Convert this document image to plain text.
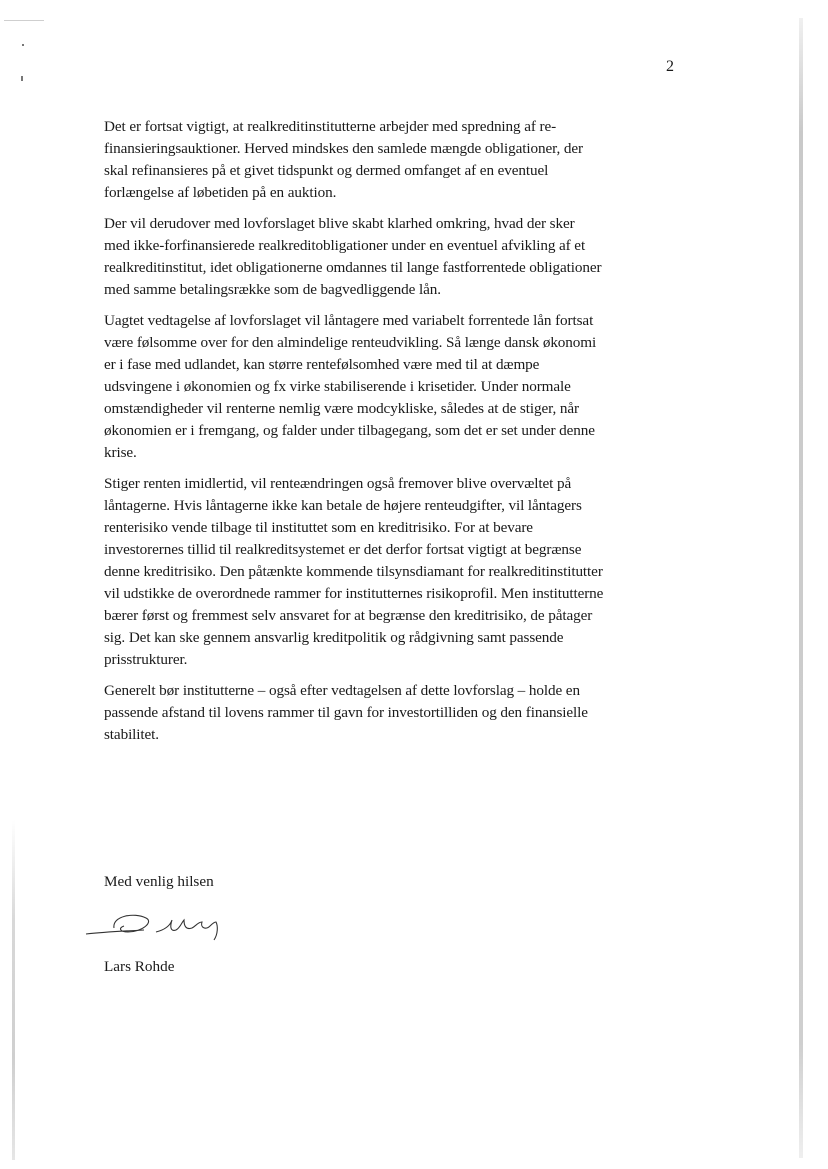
2

Det er fortsat vigtigt, at realkreditinstitutterne arbejder med spredning af refinansieringsauktioner. Herved mindskes den samlede mængde obligationer, der skal refinansieres på et givet tidspunkt og dermed omfanget af en eventuel forlængelse af løbetiden på en auktion.

Der vil derudover med lovforslaget blive skabt klarhed omkring, hvad der sker med ikke-forfinansierede realkreditobligationer under en eventuel afvikling af et realkreditinstitut, idet obligationerne omdannes til lange fastforrentede obligationer med samme betalingsrække som de bagvedliggende lån.

Uagtet vedtagelse af lovforslaget vil låntagere med variabelt forrentede lån fortsat være følsomme over for den almindelige renteudvikling. Så længe dansk økonomi er i fase med udlandet, kan større rentefølsomhed være med til at dæmpe udsvingene i økonomien og fx virke stabiliserende i krisetider. Under normale omstændigheder vil renterne nemlig være modcykliske, således at de stiger, når økonomien er i fremgang, og falder under tilbagegang, som det er set under denne krise.

Stiger renten imidlertid, vil renteændringen også fremover blive overvæltet på låntagerne. Hvis låntagerne ikke kan betale de højere renteudgifter, vil låntagers renterisiko vende tilbage til instituttet som en kreditrisiko. For at bevare investorernes tillid til realkreditsystemet er det derfor fortsat vigtigt at begrænse denne kreditrisiko. Den påtænkte kommende tilsynsdiamant for realkreditinstitutter vil udstikke de overordnede rammer for institutternes risikoprofil. Men institutterne bærer først og fremmest selv ansvaret for at begrænse den kreditrisiko, de påtager sig. Det kan ske gennem ansvarlig kreditpolitik og rådgivning samt passende prisstrukturer.

Generelt bør institutterne – også efter vedtagelsen af dette lovforslag – holde en passende afstand til lovens rammer til gavn for investortilliden og den finansielle stabilitet.

Med venlig hilsen
Lars Rohde
